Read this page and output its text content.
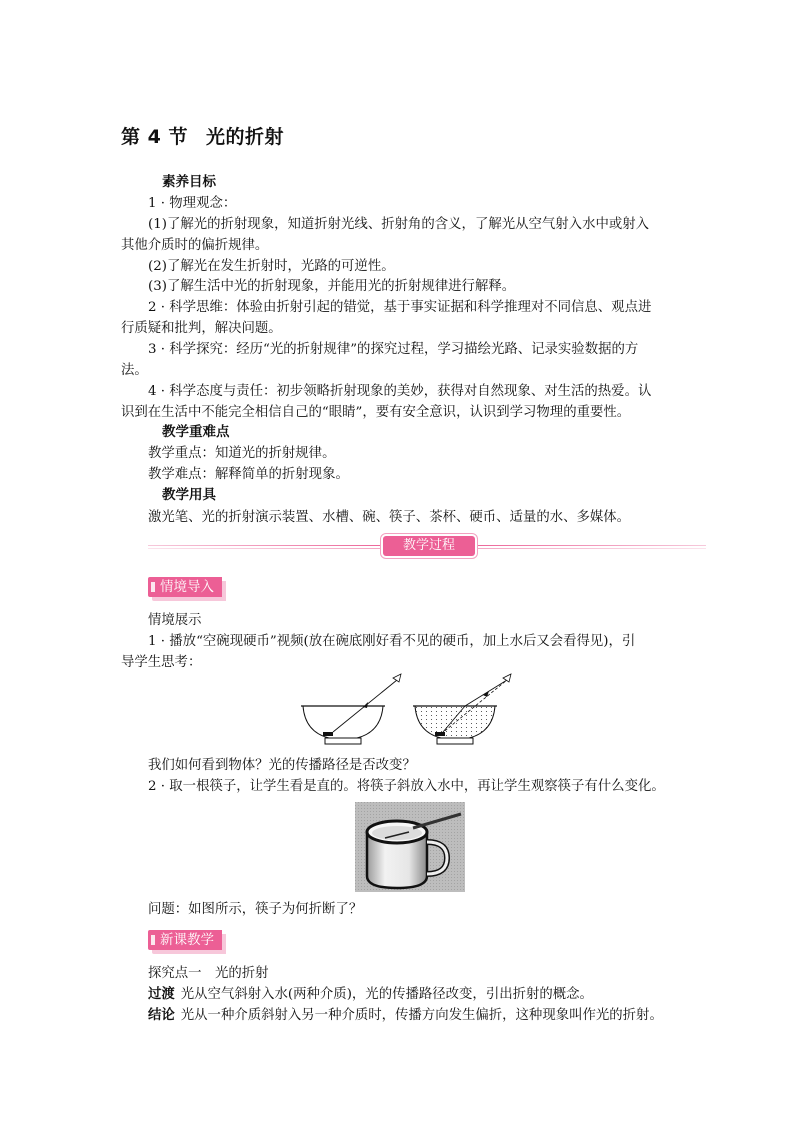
第 4 节 光的折射
素养目标
1 · 物理观念：
(1)了解光的折射现象，知道折射光线、折射角的含义，了解光从空气射入水中或射入
其他介质时的偏折规律。
(2)了解光在发生折射时，光路的可逆性。
(3)了解生活中光的折射现象，并能用光的折射规律进行解释。
2 · 科学思维：体验由折射引起的错觉，基于事实证据和科学推理对不同信息、观点进
行质疑和批判，解决问题。
3 · 科学探究：经历“光的折射规律”的探究过程，学习描绘光路、记录实验数据的方
法。
4 · 科学态度与责任：初步领略折射现象的美妙，获得对自然现象、对生活的热爱。认
识到在生活中不能完全相信自己的“眼睛”，要有安全意识，认识到学习物理的重要性。
教学重难点
教学重点：知道光的折射规律。
教学难点：解释简单的折射现象。
教学用具
激光笔、光的折射演示装置、水槽、碗、筷子、茶杯、硬币、适量的水、多媒体。
教学过程
情境导入
情境展示
1 · 播放“空碗现硬币”视频(放在碗底刚好看不见的硬币，加上水后又会看得见)，引
导学生思考：
我们如何看到物体？光的传播路径是否改变？
2 · 取一根筷子，让学生看是直的。将筷子斜放入水中，再让学生观察筷子有什么变化。
问题：如图所示，筷子为何折断了？
新课教学
探究点一　光的折射
过渡 光从空气斜射入水(两种介质)，光的传播路径改变，引出折射的概念。
结论 光从一种介质斜射入另一种介质时，传播方向发生偏折，这种现象叫作光的折射。
